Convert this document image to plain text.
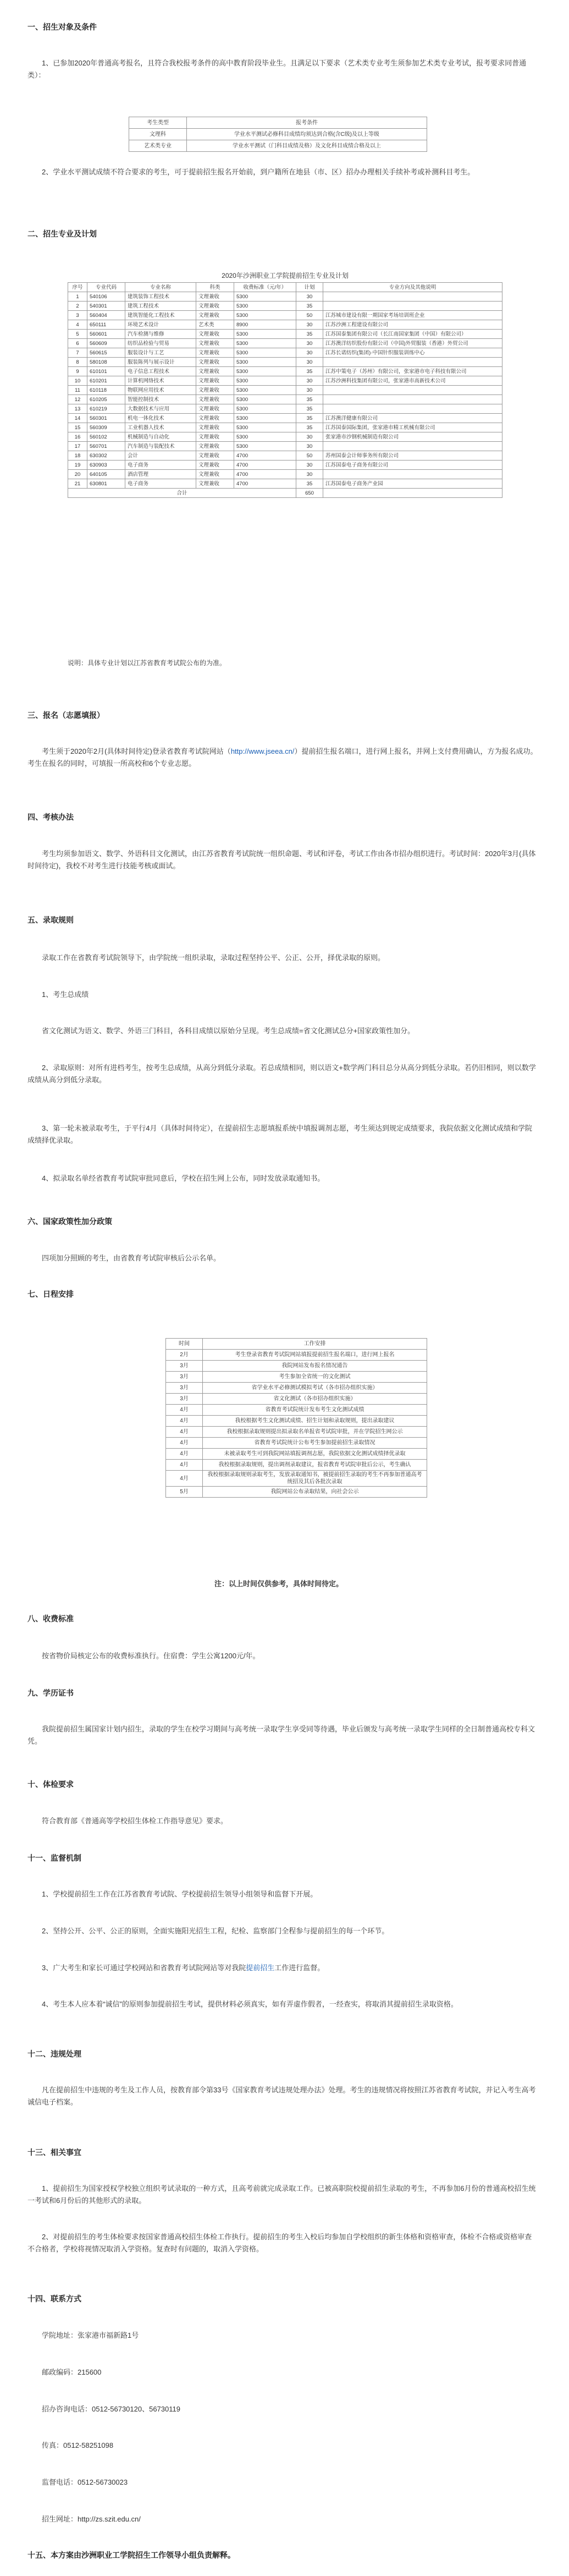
一、招生对象及条件
1、已参加2020年普通高考报名，且符合我校报考条件的高中教育阶段毕业生。且满足以下要求（艺术类专业考生须参加艺术类专业考试，报考要求同普通类）：
考生类型	报考条件
文理科	学业水平测试必修科目成绩均须达到合格(含C级)及以上等级
艺术类专业	学业水平测试（门科目成绩及格）及文化科目成绩合格及以上
2、学业水平测试成绩不符合要求的考生，可于提前招生报名开始前，到户籍所在地县（市、区）招办办理相关手续补考或补测科目考生。
二、招生专业及计划
2020年沙洲职业工学院提前招生专业及计划
序号	专业代码	专业名称	科类	收费标准（元/年）	计划	专业方向及其他说明
1	540106	建筑装饰工程技术	文理兼收	5300	30	
2	540301	建筑工程技术	文理兼收	5300	35	
3	560404	建筑智能化工程技术	文理兼收	5300	50	江苏城市建设有限一期国家考场培训班企业
4	650111	环境艺术设计	艺术类	8900	30	江苏沙洲工程建设有限公司
5	560601	汽车检测与维修	文理兼收	5300	35	江苏国泰集团有限公司（长江南国家集团（中国）有限公司）
6	560609	纺织品检验与贸易	文理兼收	5300	30	江苏澳洋纺织股份有限公司（中国)外贸服装（香港）外贸公司
7	560615	服装设计与工艺	文理兼收	5300	30	江苏长诺纺织(集团)·中国针织服装训练中心
8	580108	服装陈列与展示设计	文理兼收	5300	30	
9	610101	电子信息工程技术	文理兼收	5300	35	江苏中策电子（苏州）有限公司，张家港市电子科技有限公司
10	610201	计算机网络技术	文理兼收	5300	30	江苏沙洲科技集团有限公司，张家港市高新技术公司
11	610118	物联网应用技术	文理兼收	5300	30	
12	610205	智能控制技术	文理兼收	5300	35	
13	610219	大数据技术与应用	文理兼收	5300	35	
14	560301	机电一体化技术	文理兼收	5300	35	江苏澳洋健康有限公司
15	560309	工业机器人技术	文理兼收	5300	35	江苏国泰国际集团，张家港市精工机械有限公司
16	560102	机械制造与自动化	文理兼收	5300	30	张家港市沙钢机械制造有限公司
17	560701	汽车制造与装配技术	文理兼收	5300	30	
18	630302	会计	文理兼收	4700	50	苏州国泰会计师事务所有限公司
19	630903	电子商务	文理兼收	4700	30	江苏国泰电子商务有限公司
20	640105	酒店管理	文理兼收	4700	30	
21	630801	电子商务	文理兼收	4700	35	江苏国泰电子商务产业园
合计					650	
说明：具体专业计划以江苏省教育考试院公布的为准。
三、报名（志愿填报）
考生须于2020年2月(具体时间待定)登录省教育考试院网站（http://www.jseea.cn/）提前招生报名端口，进行网上报名，并网上支付费用确认，方为报名成功。考生在报名的同时，可填报一所高校和6个专业志愿。
四、考核办法
考生均须参加语文、数学、外语科目文化测试，由江苏省教育考试院统一组织命题、考试和评卷，考试工作由各市招办组织进行。考试时间：2020年3月(具体时间待定)，我校不对考生进行技能考核或面试。
五、录取规则
录取工作在省教育考试院领导下，由学院统一组织录取，录取过程坚持公平、公正、公开，择优录取的原则。
1、考生总成绩
省文化测试为语文、数学、外语三门科目，各科目成绩以原始分呈现。考生总成绩=省文化测试总分+国家政策性加分。
2、录取原则：对所有进档考生，按考生总成绩，从高分到低分录取。若总成绩相同，则以语文+数学两门科目总分从高分到低分录取。若仍旧相同，则以数学成绩从高分到低分录取。
3、第一轮未被录取考生，于平行4月（具体时间待定），在提前招生志愿填报系统中填报调剂志愿，考生须达到规定成绩要求，我院依据文化测试成绩和学院成绩择优录取。
4、拟录取名单经省教育考试院审批同意后，学校在招生网上公布，同时发放录取通知书。
六、国家政策性加分政策
四项加分照顾的考生，由省教育考试院审核后公示名单。
七、日程安排
时间	工作安排
2月	考生登录省教育考试院网站填报提前招生报名端口，进行网上报名
3月	我院网站发布报名情况通告
3月	考生参加全省统一的文化测试
3月	省学业水平必修测试模拟考试（各市招办组织实施）
3月	省文化测试（各市招办组织实施）
4月	省教育考试院统计发布考生文化测试成绩
4月	我校根据考生文化测试成绩、招生计划和录取规则，提出录取建议
4月	我校根据录取规则提出拟录取名单报省考试院审批，并在学院招生网公示
4月	省教育考试院统计公布考生参加提前招生录取情况
4月	未被录取考生可到我院网站填报调剂志愿，我院依据文化测试成绩择优录取
4月	我校根据录取规则，提出调剂录取建议，报省教育考试院审批后公示，考生确认
4月	我校根据录取规则录取考生，发放录取通知书，被提前招生录取的考生不再参加普通高考统招及其后各批次录取
5月	我院网站公布录取结果，向社会公示
注：以上时间仅供参考，具体时间待定。
八、收费标准
按省物价局核定公布的收费标准执行。住宿费：学生公寓1200元/年。
九、学历证书
我院提前招生属国家计划内招生，录取的学生在校学习期间与高考统一录取学生享受同等待遇，毕业后颁发与高考统一录取学生同样的全日制普通高校专科文凭。
十、体检要求
符合教育部《普通高等学校招生体检工作指导意见》要求。
十一、监督机制
1、学校提前招生工作在江苏省教育考试院、学校提前招生领导小组领导和监督下开展。
2、坚持公开、公平、公正的原则，全面实施阳光招生工程，纪检、监察部门全程参与提前招生的每一个环节。
3、广大考生和家长可通过学校网站和省教育考试院网站等对我院提前招生工作进行监督。
4、考生本人应本着“诚信”的原则参加提前招生考试，提供材料必须真实，如有弄虚作假者，一经查实，将取消其提前招生录取资格。
十二、违规处理
凡在提前招生中违规的考生及工作人员，按教育部令第33号《国家教育考试违规处理办法》处理。考生的违规情况将按照江苏省教育考试院，并记入考生高考诚信电子档案。
十三、相关事宜
1、提前招生为国家授权学校独立组织考试录取的一种方式，且高考前就完成录取工作。已被高职院校提前招生录取的考生，不再参加6月份的普通高校招生统一考试和6月份后的其他形式的录取。
2、对提前招生的考生体检要求按国家普通高校招生体检工作执行。提前招生的考生入校后均参加自学校组织的新生体格和资格审查，体检不合格或资格审查不合格者，学校将视情况取消入学资格。复查时有问题的，取消入学资格。
十四、联系方式
学院地址：张家港市福新路1号
邮政编码：215600
招办咨询电话：0512-56730120、56730119
传真：0512-58251098
监督电话：0512-56730023
招生网址：http://zs.szit.edu.cn/
十五、本方案由沙洲职业工学院招生工作领导小组负责解释。
